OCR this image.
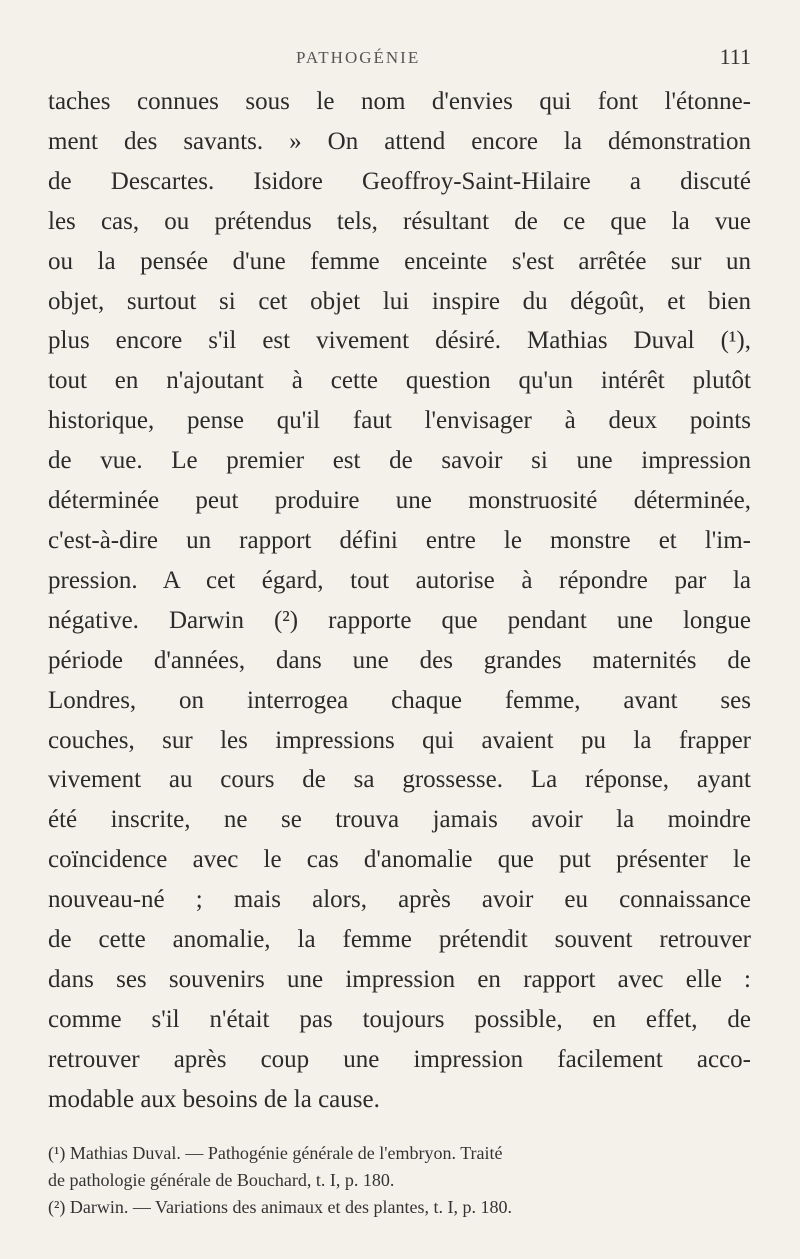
PATHOGÉNIE	111
taches connues sous le nom d'envies qui font l'étonne-
ment des savants. » On attend encore la démonstration
de Descartes. Isidore Geoffroy-Saint-Hilaire a discuté
les cas, ou prétendus tels, résultant de ce que la vue
ou la pensée d'une femme enceinte s'est arrêtée sur un
objet, surtout si cet objet lui inspire du dégoût, et bien
plus encore s'il est vivement désiré. Mathias Duval (¹),
tout en n'ajoutant à cette question qu'un intérêt plutôt
historique, pense qu'il faut l'envisager à deux points
de vue. Le premier est de savoir si une impression
déterminée peut produire une monstruosité déterminée,
c'est-à-dire un rapport défini entre le monstre et l'im-
pression. A cet égard, tout autorise à répondre par la
négative. Darwin (²) rapporte que pendant une longue
période d'années, dans une des grandes maternités de
Londres, on interrogea chaque femme, avant ses
couches, sur les impressions qui avaient pu la frapper
vivement au cours de sa grossesse. La réponse, ayant
été inscrite, ne se trouva jamais avoir la moindre
coïncidence avec le cas d'anomalie que put présenter le
nouveau-né ; mais alors, après avoir eu connaissance
de cette anomalie, la femme prétendit souvent retrouver
dans ses souvenirs une impression en rapport avec elle :
comme s'il n'était pas toujours possible, en effet, de
retrouver après coup une impression facilement acco-
modable aux besoins de la cause.
(¹) Mathias Duval. — Pathogénie générale de l'embryon. Traité
de pathologie générale de Bouchard, t. I, p. 180.
(²) Darwin. — Variations des animaux et des plantes, t. I, p. 180.
